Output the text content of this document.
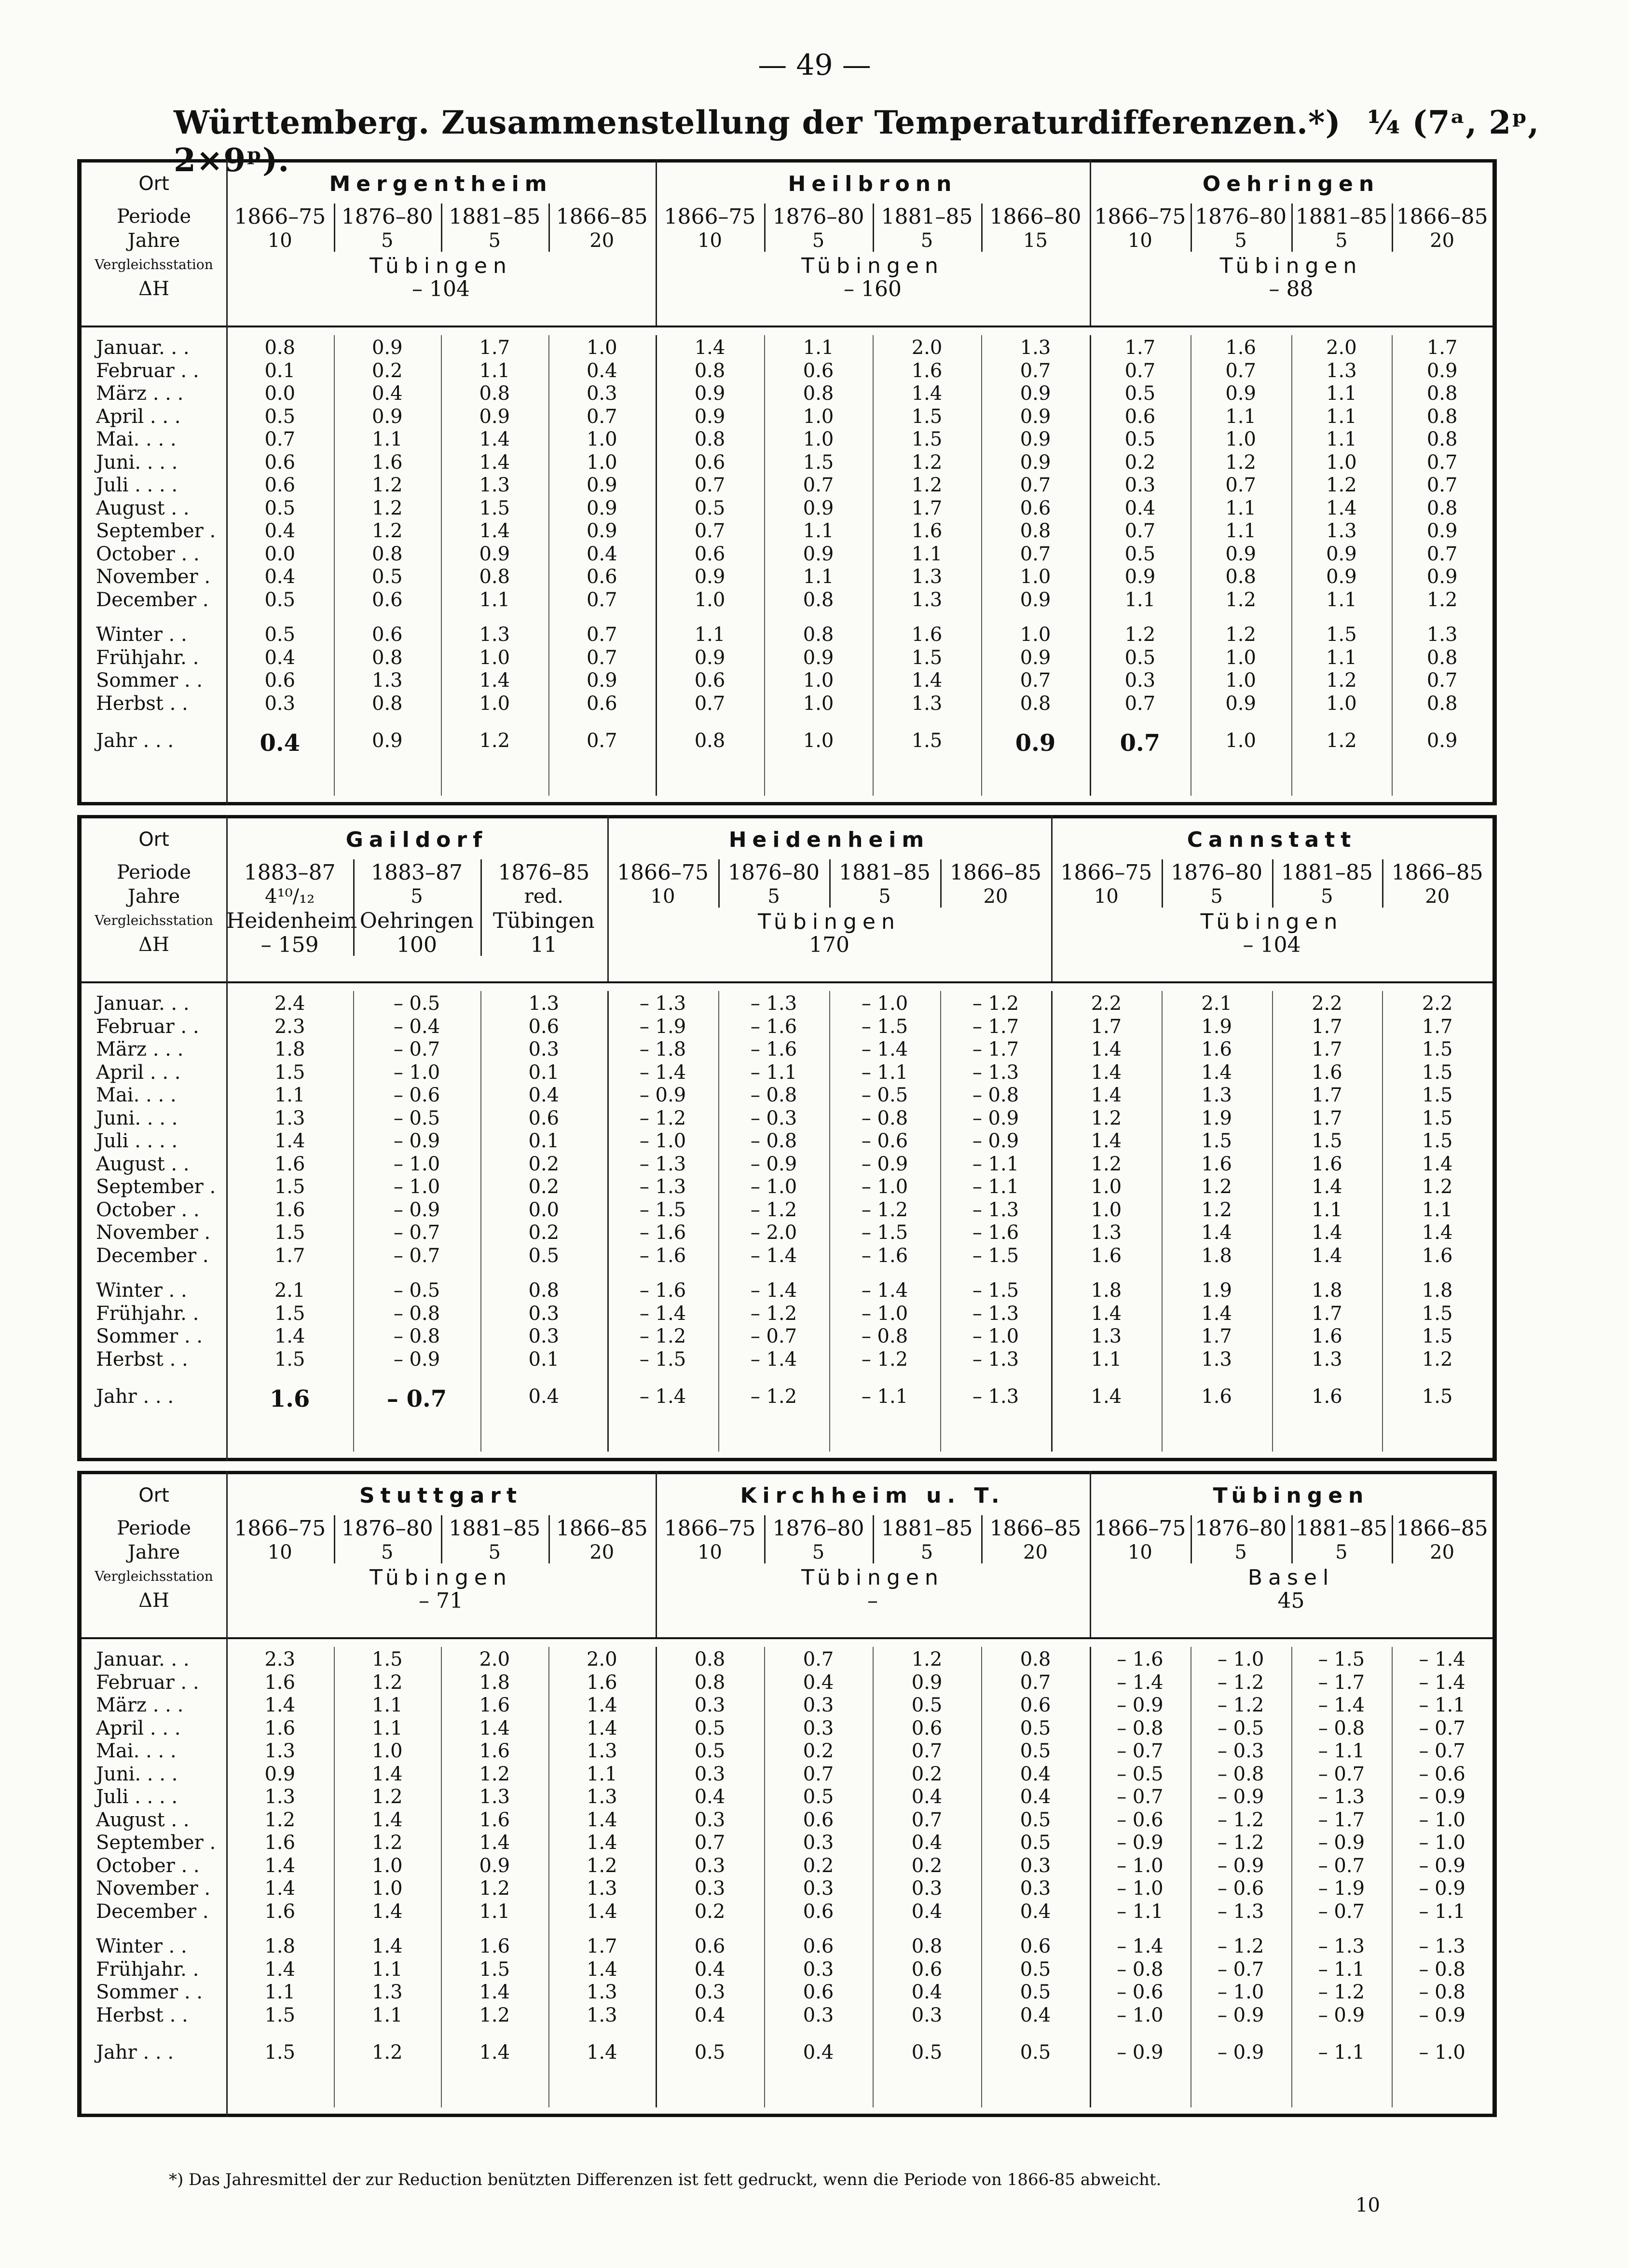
— 49 —
Württemberg. Zusammenstellung der Temperaturdifferenzen.*) ¼ (7ᵃ, 2ᵖ, 2×9ᵖ).
Ort
Periode
Jahre
Vergleichsstation
ΔH
Januar. . .
Februar . .
März . . .
April . . .
Mai. . . .
Juni. . . .
Juli . . . .
August . .
September .
October . .
November .
December .
Winter . .
Frühjahr. .
Sommer . .
Herbst . .
Jahr . . .
Mergentheim
1866–75
10
0.8
0.1
0.0
0.5
0.7
0.6
0.6
0.5
0.4
0.0
0.4
0.5
0.5
0.4
0.6
0.3
0.4
1876–80
5
0.9
0.2
0.4
0.9
1.1
1.6
1.2
1.2
1.2
0.8
0.5
0.6
0.6
0.8
1.3
0.8
0.9
1881–85
5
1.7
1.1
0.8
0.9
1.4
1.4
1.3
1.5
1.4
0.9
0.8
1.1
1.3
1.0
1.4
1.0
1.2
1866–85
20
1.0
0.4
0.3
0.7
1.0
1.0
0.9
0.9
0.9
0.4
0.6
0.7
0.7
0.7
0.9
0.6
0.7
Tübingen
– 104
Heilbronn
1866–75
10
1.4
0.8
0.9
0.9
0.8
0.6
0.7
0.5
0.7
0.6
0.9
1.0
1.1
0.9
0.6
0.7
0.8
1876–80
5
1.1
0.6
0.8
1.0
1.0
1.5
0.7
0.9
1.1
0.9
1.1
0.8
0.8
0.9
1.0
1.0
1.0
1881–85
5
2.0
1.6
1.4
1.5
1.5
1.2
1.2
1.7
1.6
1.1
1.3
1.3
1.6
1.5
1.4
1.3
1.5
1866–80
15
1.3
0.7
0.9
0.9
0.9
0.9
0.7
0.6
0.8
0.7
1.0
0.9
1.0
0.9
0.7
0.8
0.9
Tübingen
– 160
Oehringen
1866–75
10
1.7
0.7
0.5
0.6
0.5
0.2
0.3
0.4
0.7
0.5
0.9
1.1
1.2
0.5
0.3
0.7
0.7
1876–80
5
1.6
0.7
0.9
1.1
1.0
1.2
0.7
1.1
1.1
0.9
0.8
1.2
1.2
1.0
1.0
0.9
1.0
1881–85
5
2.0
1.3
1.1
1.1
1.1
1.0
1.2
1.4
1.3
0.9
0.9
1.1
1.5
1.1
1.2
1.0
1.2
1866–85
20
1.7
0.9
0.8
0.8
0.8
0.7
0.7
0.8
0.9
0.7
0.9
1.2
1.3
0.8
0.7
0.8
0.9
Tübingen
– 88
Ort
Periode
Jahre
Vergleichsstation
ΔH
Januar. . .
Februar . .
März . . .
April . . .
Mai. . . .
Juni. . . .
Juli . . . .
August . .
September .
October . .
November .
December .
Winter . .
Frühjahr. .
Sommer . .
Herbst . .
Jahr . . .
Gaildorf
1883–87
4¹⁰/₁₂
Heidenheim
– 159
2.4
2.3
1.8
1.5
1.1
1.3
1.4
1.6
1.5
1.6
1.5
1.7
2.1
1.5
1.4
1.5
1.6
1883–87
5
Oehringen
100
– 0.5
– 0.4
– 0.7
– 1.0
– 0.6
– 0.5
– 0.9
– 1.0
– 1.0
– 0.9
– 0.7
– 0.7
– 0.5
– 0.8
– 0.8
– 0.9
– 0.7
1876–85
red.
Tübingen
11
1.3
0.6
0.3
0.1
0.4
0.6
0.1
0.2
0.2
0.0
0.2
0.5
0.8
0.3
0.3
0.1
0.4
Heidenheim
1866–75
10
– 1.3
– 1.9
– 1.8
– 1.4
– 0.9
– 1.2
– 1.0
– 1.3
– 1.3
– 1.5
– 1.6
– 1.6
– 1.6
– 1.4
– 1.2
– 1.5
– 1.4
1876–80
5
– 1.3
– 1.6
– 1.6
– 1.1
– 0.8
– 0.3
– 0.8
– 0.9
– 1.0
– 1.2
– 2.0
– 1.4
– 1.4
– 1.2
– 0.7
– 1.4
– 1.2
1881–85
5
– 1.0
– 1.5
– 1.4
– 1.1
– 0.5
– 0.8
– 0.6
– 0.9
– 1.0
– 1.2
– 1.5
– 1.6
– 1.4
– 1.0
– 0.8
– 1.2
– 1.1
1866–85
20
– 1.2
– 1.7
– 1.7
– 1.3
– 0.8
– 0.9
– 0.9
– 1.1
– 1.1
– 1.3
– 1.6
– 1.5
– 1.5
– 1.3
– 1.0
– 1.3
– 1.3
Tübingen
170
Cannstatt
1866–75
10
2.2
1.7
1.4
1.4
1.4
1.2
1.4
1.2
1.0
1.0
1.3
1.6
1.8
1.4
1.3
1.1
1.4
1876–80
5
2.1
1.9
1.6
1.4
1.3
1.9
1.5
1.6
1.2
1.2
1.4
1.8
1.9
1.4
1.7
1.3
1.6
1881–85
5
2.2
1.7
1.7
1.6
1.7
1.7
1.5
1.6
1.4
1.1
1.4
1.4
1.8
1.7
1.6
1.3
1.6
1866–85
20
2.2
1.7
1.5
1.5
1.5
1.5
1.5
1.4
1.2
1.1
1.4
1.6
1.8
1.5
1.5
1.2
1.5
Tübingen
– 104
Ort
Periode
Jahre
Vergleichsstation
ΔH
Januar. . .
Februar . .
März . . .
April . . .
Mai. . . .
Juni. . . .
Juli . . . .
August . .
September .
October . .
November .
December .
Winter . .
Frühjahr. .
Sommer . .
Herbst . .
Jahr . . .
Stuttgart
1866–75
10
2.3
1.6
1.4
1.6
1.3
0.9
1.3
1.2
1.6
1.4
1.4
1.6
1.8
1.4
1.1
1.5
1.5
1876–80
5
1.5
1.2
1.1
1.1
1.0
1.4
1.2
1.4
1.2
1.0
1.0
1.4
1.4
1.1
1.3
1.1
1.2
1881–85
5
2.0
1.8
1.6
1.4
1.6
1.2
1.3
1.6
1.4
0.9
1.2
1.1
1.6
1.5
1.4
1.2
1.4
1866–85
20
2.0
1.6
1.4
1.4
1.3
1.1
1.3
1.4
1.4
1.2
1.3
1.4
1.7
1.4
1.3
1.3
1.4
Tübingen
– 71
Kirchheim u. T.
1866–75
10
0.8
0.8
0.3
0.5
0.5
0.3
0.4
0.3
0.7
0.3
0.3
0.2
0.6
0.4
0.3
0.4
0.5
1876–80
5
0.7
0.4
0.3
0.3
0.2
0.7
0.5
0.6
0.3
0.2
0.3
0.6
0.6
0.3
0.6
0.3
0.4
1881–85
5
1.2
0.9
0.5
0.6
0.7
0.2
0.4
0.7
0.4
0.2
0.3
0.4
0.8
0.6
0.4
0.3
0.5
1866–85
20
0.8
0.7
0.6
0.5
0.5
0.4
0.4
0.5
0.5
0.3
0.3
0.4
0.6
0.5
0.5
0.4
0.5
Tübingen
–
Tübingen
1866–75
10
– 1.6
– 1.4
– 0.9
– 0.8
– 0.7
– 0.5
– 0.7
– 0.6
– 0.9
– 1.0
– 1.0
– 1.1
– 1.4
– 0.8
– 0.6
– 1.0
– 0.9
1876–80
5
– 1.0
– 1.2
– 1.2
– 0.5
– 0.3
– 0.8
– 0.9
– 1.2
– 1.2
– 0.9
– 0.6
– 1.3
– 1.2
– 0.7
– 1.0
– 0.9
– 0.9
1881–85
5
– 1.5
– 1.7
– 1.4
– 0.8
– 1.1
– 0.7
– 1.3
– 1.7
– 0.9
– 0.7
– 1.9
– 0.7
– 1.3
– 1.1
– 1.2
– 0.9
– 1.1
1866–85
20
– 1.4
– 1.4
– 1.1
– 0.7
– 0.7
– 0.6
– 0.9
– 1.0
– 1.0
– 0.9
– 0.9
– 1.1
– 1.3
– 0.8
– 0.8
– 0.9
– 1.0
Basel
45
*) Das Jahresmittel der zur Reduction benützten Differenzen ist fett gedruckt, wenn die Periode von 1866-85 abweicht.
10
